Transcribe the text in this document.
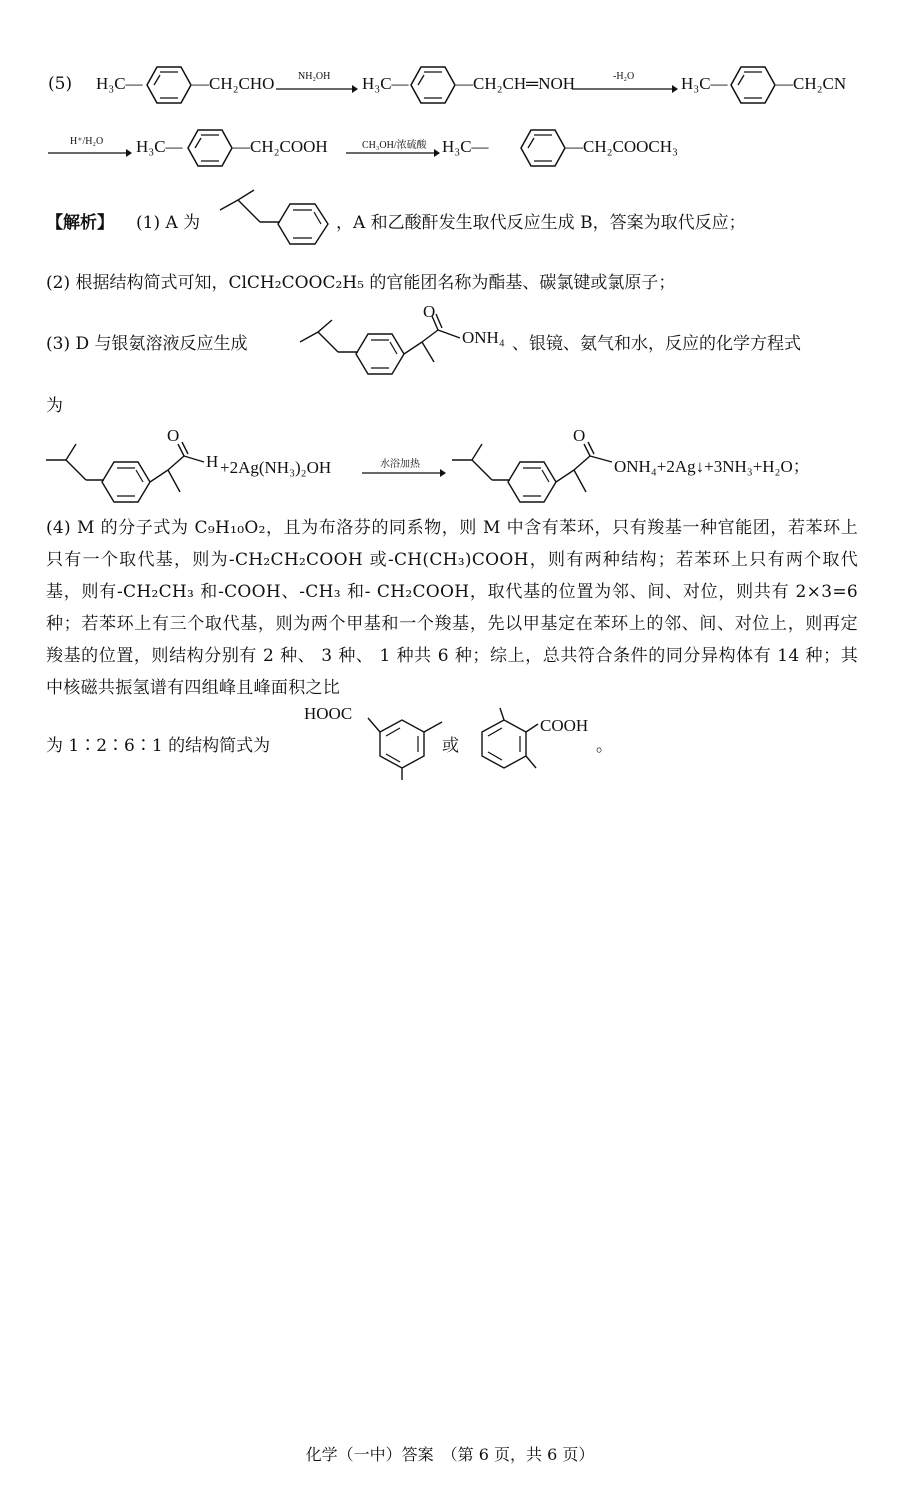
(5) H₃C—	—CH₂CHO NH₂OH H₃C—	—CH₂CH═NOH	-H₂O	H₃C—	—CH₂CN
H⁺/H₂O H₃C—	—CH₂COOH	CH₃OH/浓硫酸 H₃C—	—CH₂COOCH₃
【解析】 (1) A 为	，A 和乙酸酐发生取代反应生成 B，答案为取代反应；
(2) 根据结构简式可知，ClCH₂COOC₂H₅ 的官能团名称为酯基、碳氯键或氯原子；
(3) D 与银氨溶液反应生成
O
ONH₄ 、银镜、氨气和水，反应的化学方程式
为
O
H +2Ag(NH₃)₂OH	水浴加热
O
ONH₄+2Ag↓+3NH₃+H₂O；
(4) M 的分子式为 C₉H₁₀O₂，且为布洛芬的同系物，则 M 中含有苯环，只有羧基一种官能团，若苯环上只有一个取代基，则为-CH₂CH₂COOH 或-CH(CH₃)COOH，则有两种结构；若苯环上只有两个取代基，则有-CH₂CH₃ 和-COOH、-CH₃ 和- CH₂COOH，取代基的位置为邻、间、对位，则共有 2×3=6 种；若苯环上有三个取代基，则为两个甲基和一个羧基，先以甲基定在苯环上的邻、间、对位上，则再定羧基的位置，则结构分别有 2 种、 3 种、 1 种共 6 种；综上，总共符合条件的同分异构体有 14 种；其中核磁共振氢谱有四组峰且峰面积之比
为 1∶2∶6∶1 的结构简式为
HOOC
或
COOH
。
化学（一中）答案　（第 6 页，共 6 页）
